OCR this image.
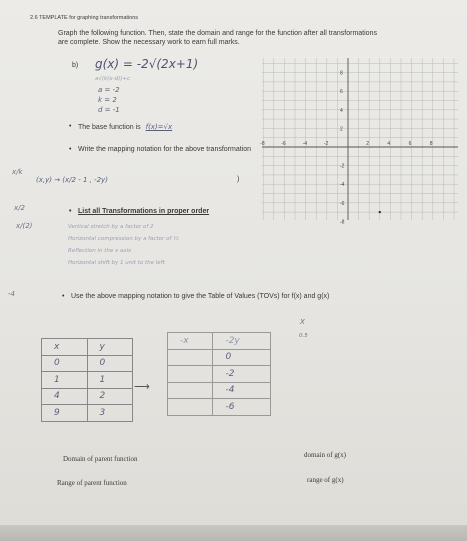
2.6 TEMPLATE for graphing transformations
Graph the following function. Then, state the domain and range for the function after all transformations are complete. Show the necessary work to earn full marks.
b) g(x) = -2√(2x+1)
a√(k(x-d))+c
a = -2
k = 2
d = -1
• The base function is f(x)=√x
• Write the mapping notation for the above transformation
x/k
x/2
-4
(x,y) → (x/2 - 1 , -2y)	)
• List all Transformations in proper order
x/(2)	Vertical stretch by a factor of 2
Horizontal compression by a factor of ½
Reflection in the x axis
Horizontal shift by 1 unit to the left
-8	-6	-4	-2	2	4	6	8
8
6
4
2
-2
-4
-6
-8
• Use the above mapping notation to give the Table of Values (TOVs) for f(x) and g(x)
X
0.5
x	y
0	0
1	1
4	2
9	3
⟶
-x	-2y
	0
	-2
	-4
	-6
Domain of parent function
Range of parent function
domain of g(x)
range of g(x)
